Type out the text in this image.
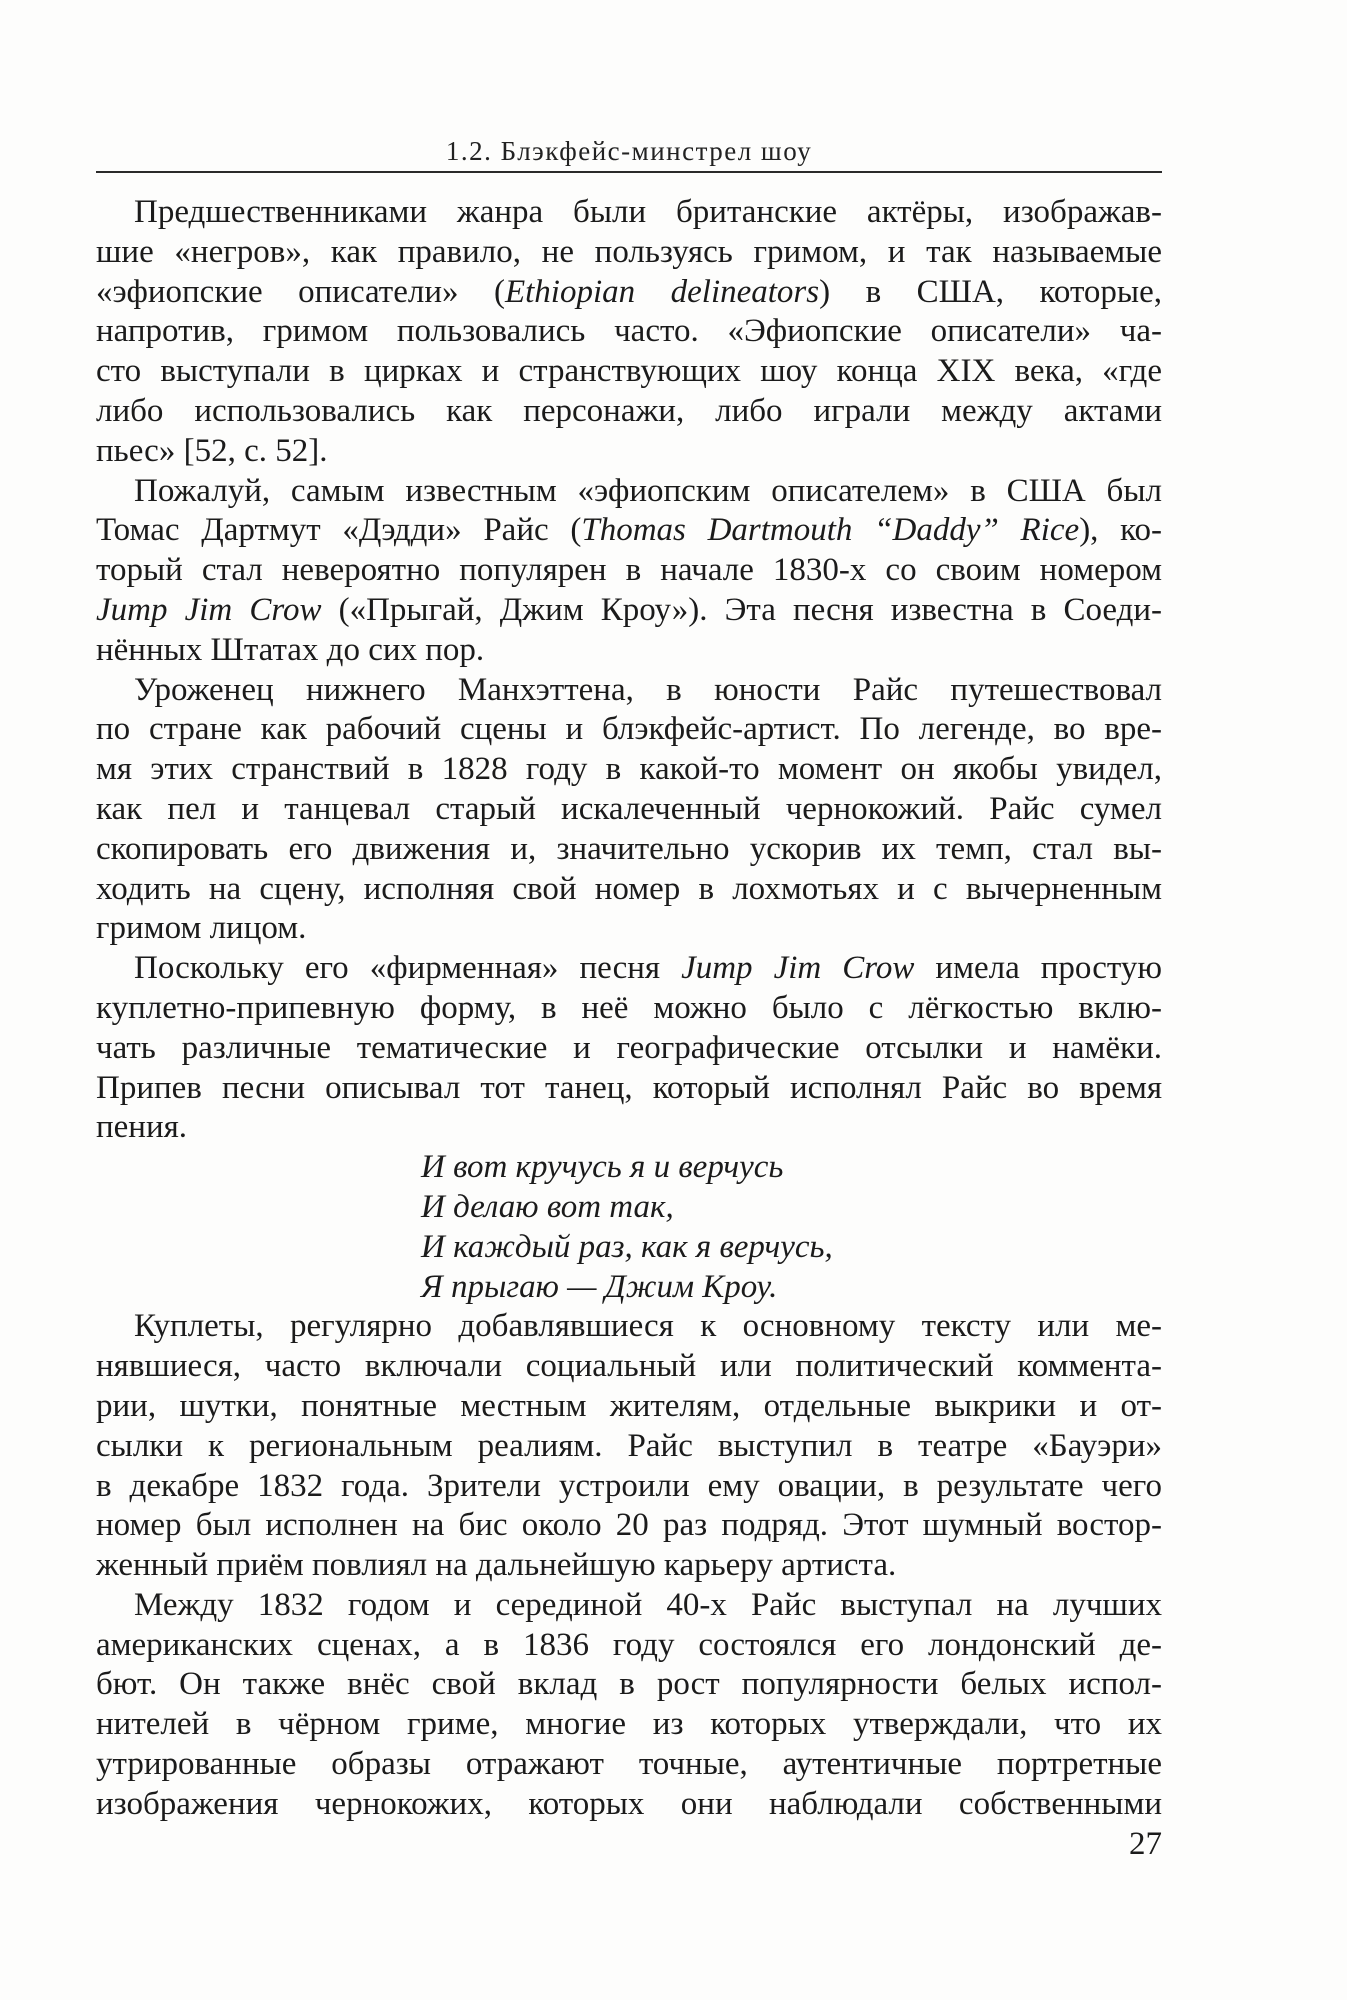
1.2. Блэкфейс-минстрел шоу
Предшественниками жанра были британские актёры, изображав-
шие «негров», как правило, не пользуясь гримом, и так называемые
«эфиопские описатели» (Ethiopian delineators) в США, которые,
напротив, гримом пользовались часто. «Эфиопские описатели» ча-
сто выступали в цирках и странствующих шоу конца XIX века, «где
либо использовались как персонажи, либо играли между актами
пьес» [52, с. 52].
Пожалуй, самым известным «эфиопским описателем» в США был
Томас Дартмут «Дэдди» Райс (Thomas Dartmouth “Daddy” Rice), ко-
торый стал невероятно популярен в начале 1830-х со своим номером
Jump Jim Crow («Прыгай, Джим Кроу»). Эта песня известна в Соеди-
нённых Штатах до сих пор.
Уроженец нижнего Манхэттена, в юности Райс путешествовал
по стране как рабочий сцены и блэкфейс-артист. По легенде, во вре-
мя этих странствий в 1828 году в какой-то момент он якобы увидел,
как пел и танцевал старый искалеченный чернокожий. Райс сумел
скопировать его движения и, значительно ускорив их темп, стал вы-
ходить на сцену, исполняя свой номер в лохмотьях и с вычерненным
гримом лицом.
Поскольку его «фирменная» песня Jump Jim Crow имела простую
куплетно-припевную форму, в неё можно было с лёгкостью вклю-
чать различные тематические и географические отсылки и намёки.
Припев песни описывал тот танец, который исполнял Райс во время
пения.
И вот кручусь я и верчусь
И делаю вот так,
И каждый раз, как я верчусь,
Я прыгаю — Джим Кроу.
Куплеты, регулярно добавлявшиеся к основному тексту или ме-
нявшиеся, часто включали социальный или политический коммента-
рии, шутки, понятные местным жителям, отдельные выкрики и от-
сылки к региональным реалиям. Райс выступил в театре «Бауэри»
в декабре 1832 года. Зрители устроили ему овации, в результате чего
номер был исполнен на бис около 20 раз подряд. Этот шумный востор-
женный приём повлиял на дальнейшую карьеру артиста.
Между 1832 годом и серединой 40-х Райс выступал на лучших
американских сценах, а в 1836 году состоялся его лондонский де-
бют. Он также внёс свой вклад в рост популярности белых испол-
нителей в чёрном гриме, многие из которых утверждали, что их
утрированные образы отражают точные, аутентичные портретные
изображения чернокожих, которых они наблюдали собственными
27
